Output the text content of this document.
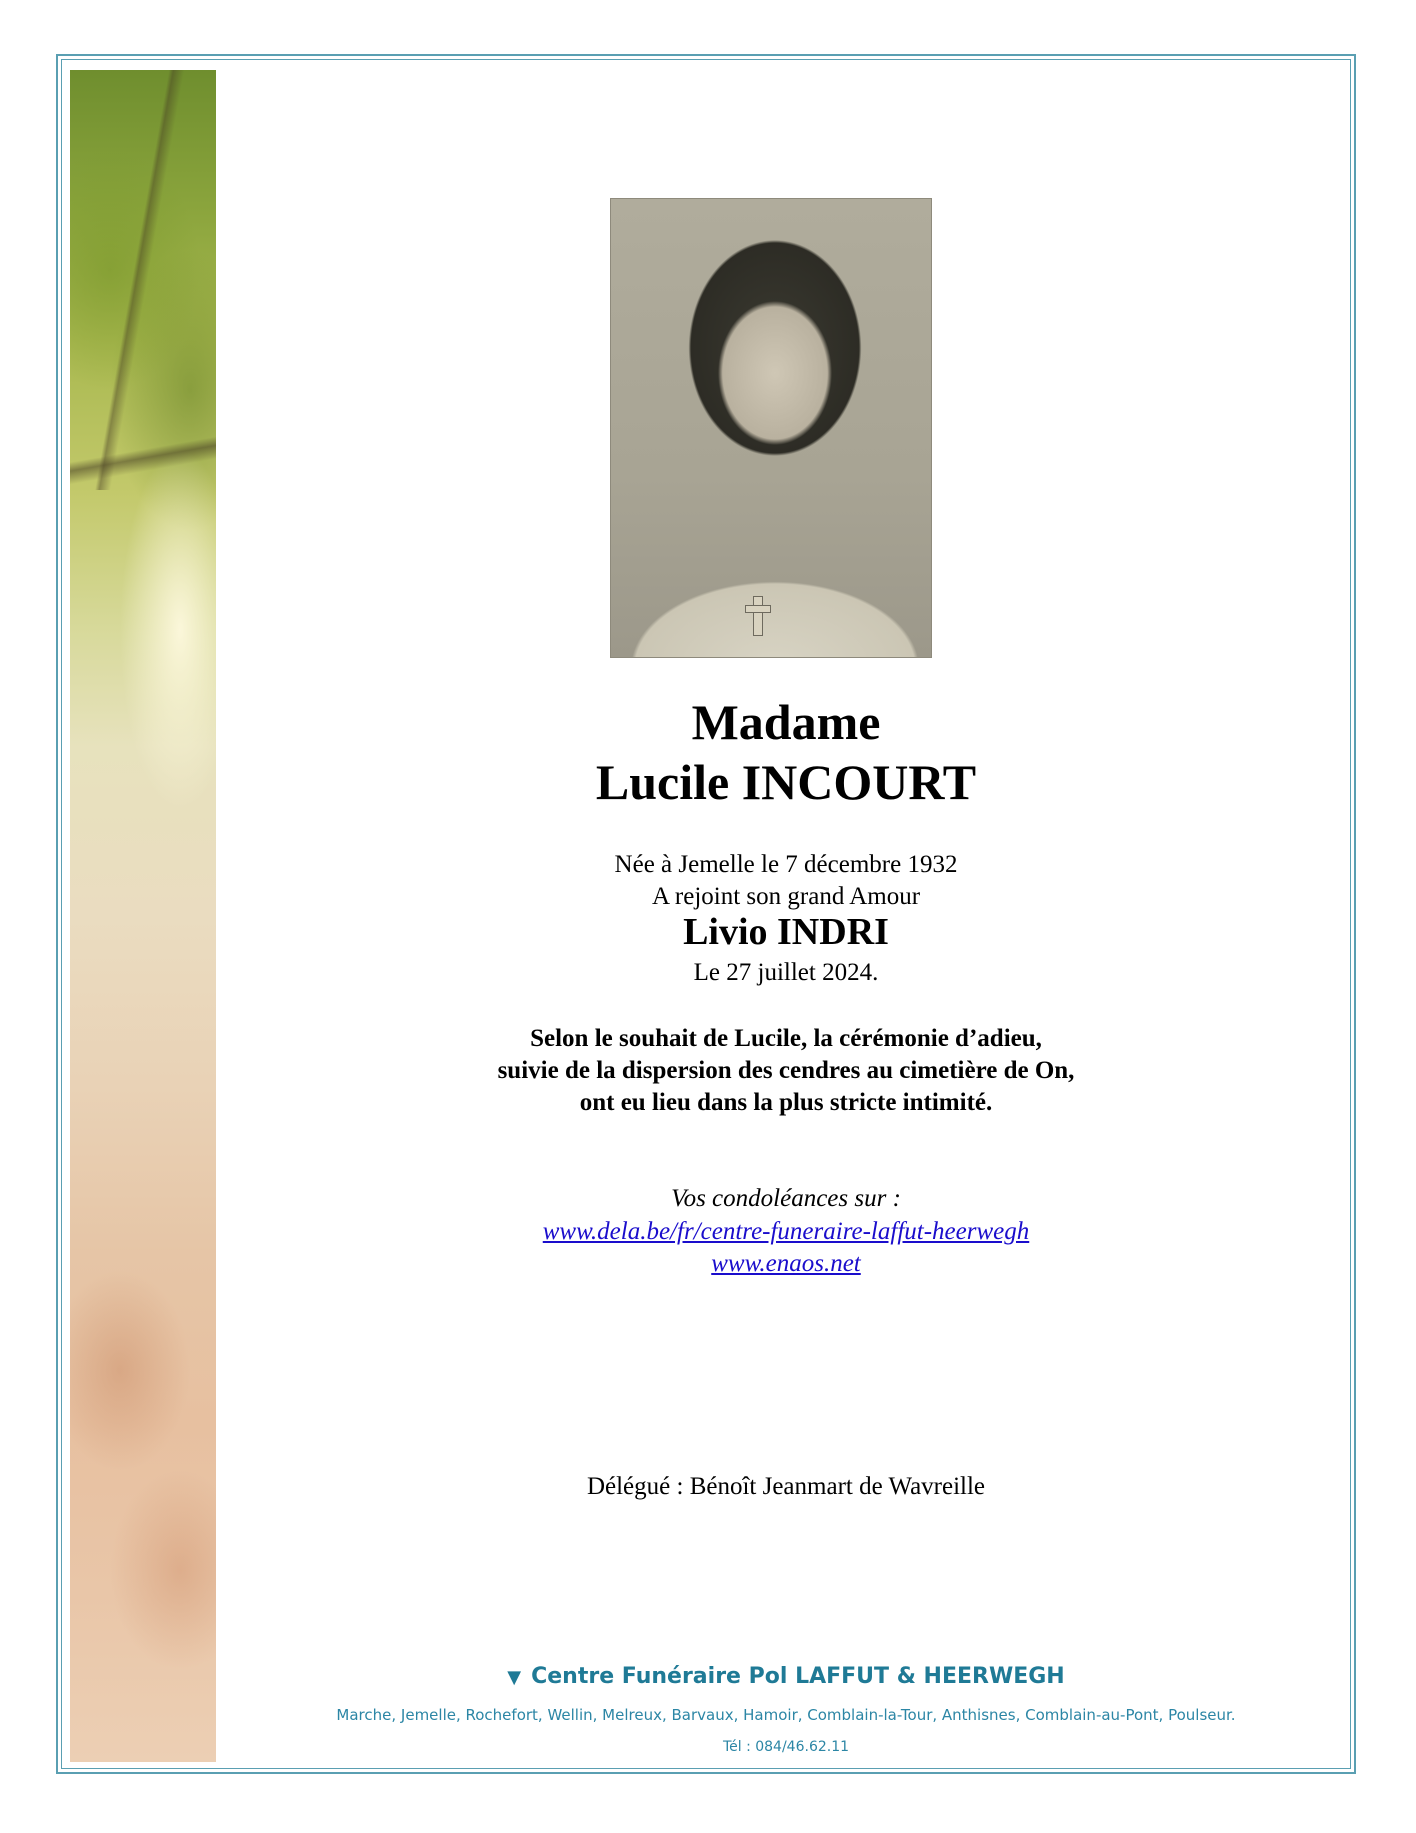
Madame
Lucile INCOURT
Née à Jemelle le 7 décembre 1932
A rejoint son grand Amour
Livio INDRI
Le 27 juillet 2024.
Selon le souhait de Lucile, la cérémonie d’adieu,
suivie de la dispersion des cendres au cimetière de On,
ont eu lieu dans la plus stricte intimité.
Vos condoléances sur :
www.dela.be/fr/centre-funeraire-laffut-heerwegh
www.enaos.net
Délégué : Bénoît Jeanmart de Wavreille
▼ Centre Funéraire Pol LAFFUT & HEERWEGH
Marche, Jemelle, Rochefort, Wellin, Melreux, Barvaux, Hamoir, Comblain-la-Tour, Anthisnes, Comblain-au-Pont, Poulseur.
Tél : 084/46.62.11
